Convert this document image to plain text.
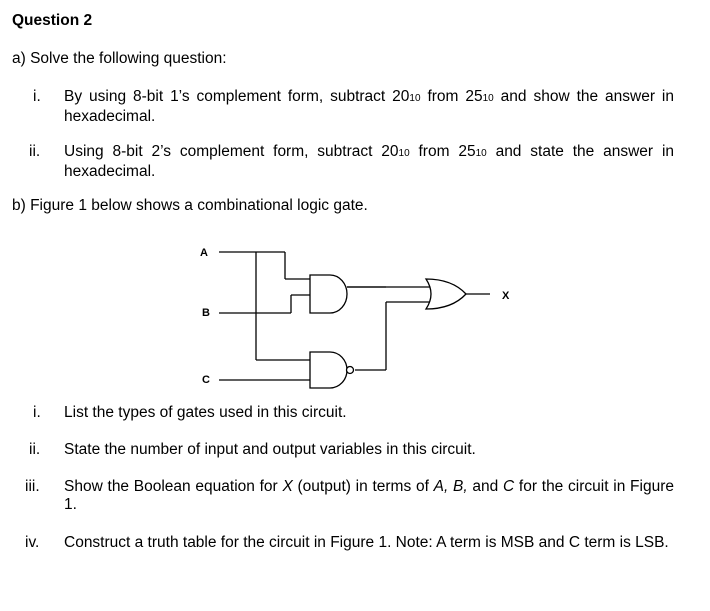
Question 2
a) Solve the following question:
i. By using 8-bit 1’s complement form, subtract 2010 from 2510 and show the answer in hexadecimal.
ii. Using 8-bit 2’s complement form, subtract 2010 from 2510 and state the answer in hexadecimal.
b) Figure 1 below shows a combinational logic gate.
A
B
C
X
i. List the types of gates used in this circuit.
ii. State the number of input and output variables in this circuit.
iii. Show the Boolean equation for X (output) in terms of A, B, and C for the circuit in Figure 1.
iv. Construct a truth table for the circuit in Figure 1. Note: A term is MSB and C term is LSB.
